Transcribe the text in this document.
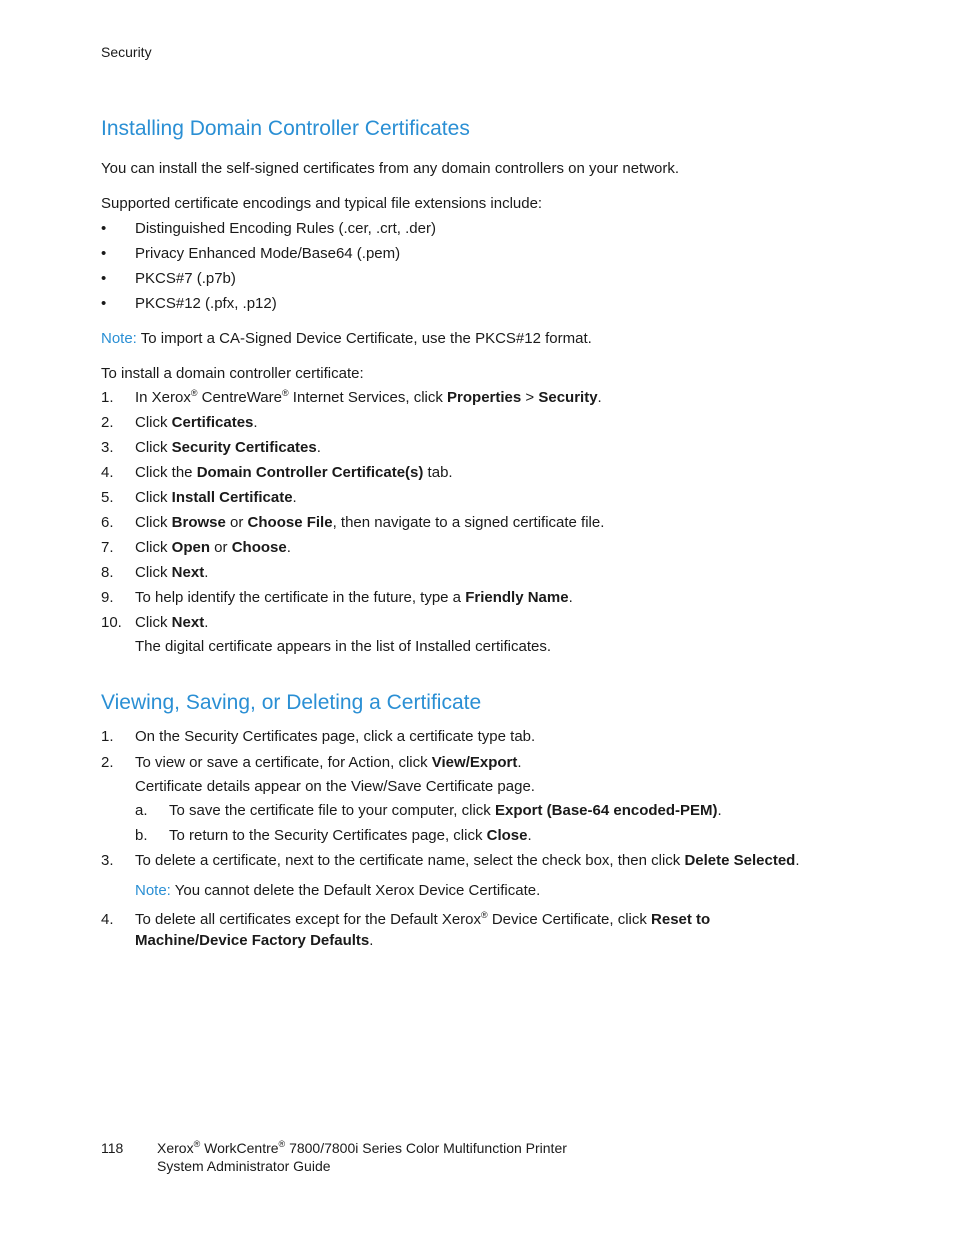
Security
Installing Domain Controller Certificates
You can install the self-signed certificates from any domain controllers on your network.
Supported certificate encodings and typical file extensions include:
• Distinguished Encoding Rules (.cer, .crt, .der)
• Privacy Enhanced Mode/Base64 (.pem)
• PKCS#7 (.p7b)
• PKCS#12 (.pfx, .p12)
Note: To import a CA-Signed Device Certificate, use the PKCS#12 format.
To install a domain controller certificate:
1. In Xerox® CentreWare® Internet Services, click Properties > Security.
2. Click Certificates.
3. Click Security Certificates.
4. Click the Domain Controller Certificate(s) tab.
5. Click Install Certificate.
6. Click Browse or Choose File, then navigate to a signed certificate file.
7. Click Open or Choose.
8. Click Next.
9. To help identify the certificate in the future, type a Friendly Name.
10. Click Next.
The digital certificate appears in the list of Installed certificates.
Viewing, Saving, or Deleting a Certificate
1. On the Security Certificates page, click a certificate type tab.
2. To view or save a certificate, for Action, click View/Export.
Certificate details appear on the View/Save Certificate page.
a. To save the certificate file to your computer, click Export (Base-64 encoded-PEM).
b. To return to the Security Certificates page, click Close.
3. To delete a certificate, next to the certificate name, select the check box, then click Delete Selected.
Note: You cannot delete the Default Xerox Device Certificate.
4. To delete all certificates except for the Default Xerox® Device Certificate, click Reset to
Machine/Device Factory Defaults.
118 Xerox® WorkCentre® 7800/7800i Series Color Multifunction Printer
System Administrator Guide
